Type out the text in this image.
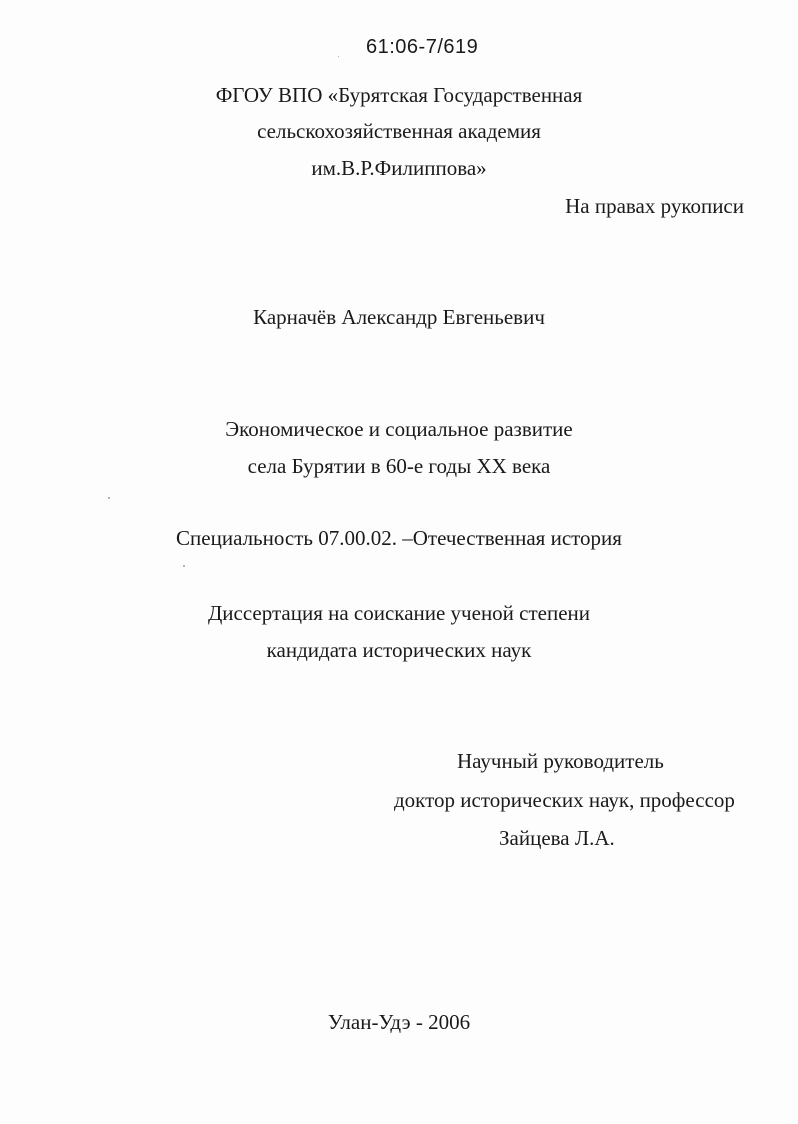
61:06-7/619
ФГОУ ВПО «Бурятская Государственная
сельскохозяйственная академия
им.В.Р.Филиппова»
На правах рукописи
Карначёв Александр Евгеньевич
Экономическое и социальное развитие
села Бурятии в 60-е годы XX века
Специальность 07.00.02. –Отечественная история
Диссертация на соискание ученой степени
кандидата исторических наук
Научный руководитель
доктор исторических наук, профессор
Зайцева Л.А.
Улан-Удэ - 2006
